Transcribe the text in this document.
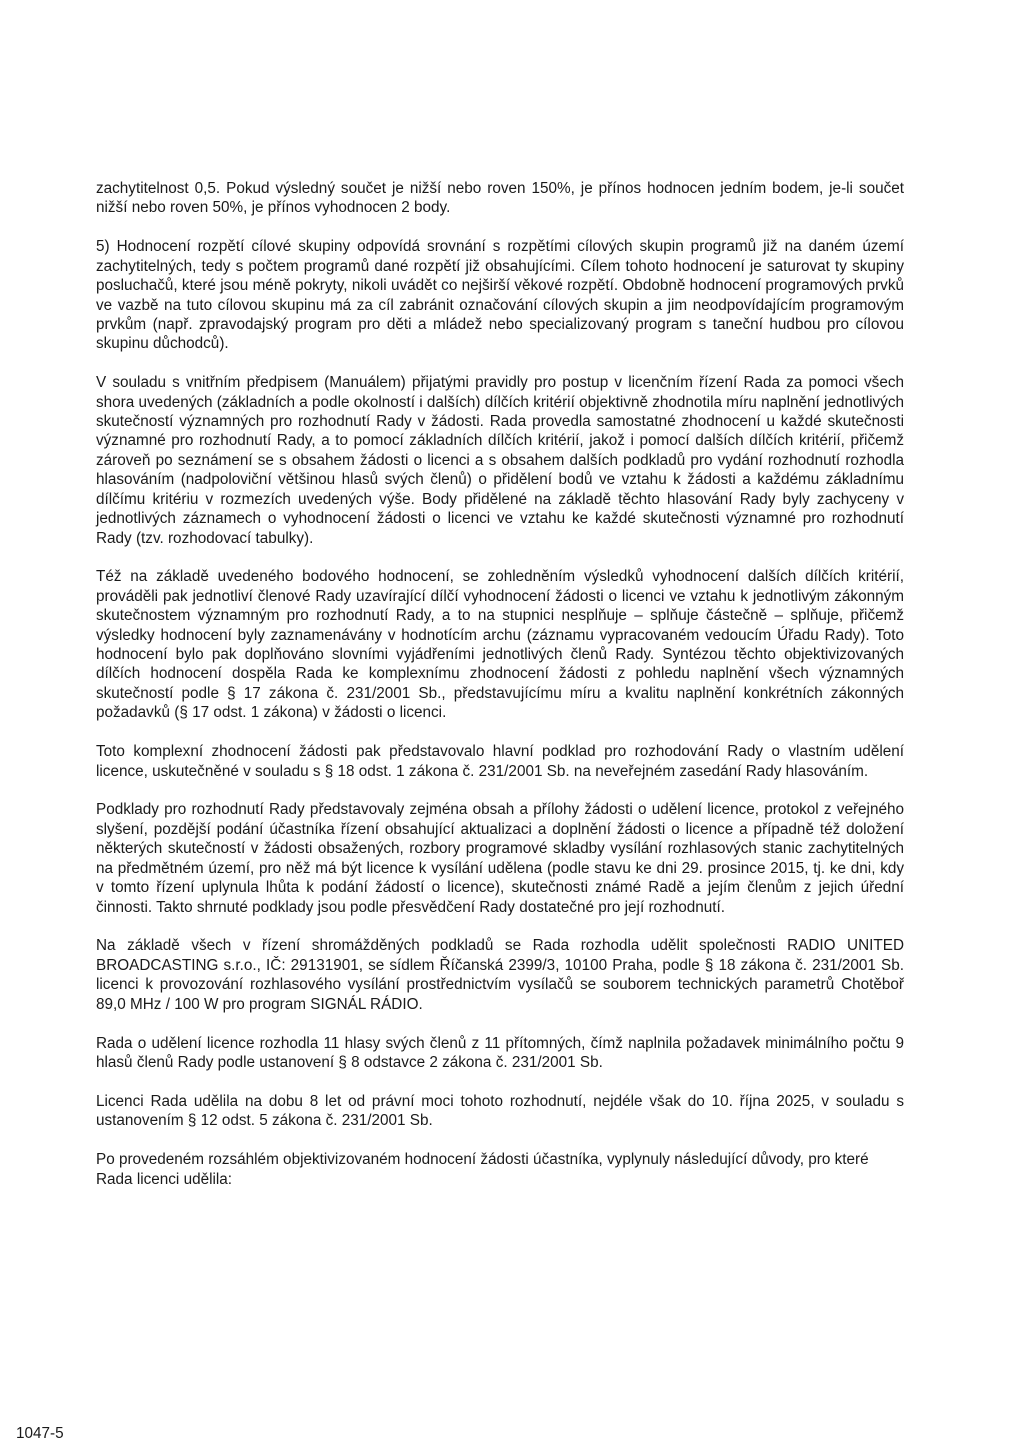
zachytitelnost 0,5. Pokud výsledný součet je nižší nebo roven 150%, je přínos hodnocen jedním bodem, je-li součet nižší nebo roven 50%, je přínos vyhodnocen 2 body.

5) Hodnocení rozpětí cílové skupiny odpovídá srovnání s rozpětími cílových skupin programů již na daném území zachytitelných, tedy s počtem programů dané rozpětí již obsahujícími. Cílem tohoto hodnocení je saturovat ty skupiny posluchačů, které jsou méně pokryty, nikoli uvádět co nejširší věkové rozpětí. Obdobně hodnocení programových prvků ve vazbě na tuto cílovou skupinu má za cíl zabránit označování cílových skupin a jim neodpovídajícím programovým prvkům (např. zpravodajský program pro děti a mládež nebo specializovaný program s taneční hudbou pro cílovou skupinu důchodců).

V souladu s vnitřním předpisem (Manuálem) přijatými pravidly pro postup v licenčním řízení Rada za pomoci všech shora uvedených (základních a podle okolností i dalších) dílčích kritérií objektivně zhodnotila míru naplnění jednotlivých skutečností významných pro rozhodnutí Rady v žádosti. Rada provedla samostatné zhodnocení u každé skutečnosti významné pro rozhodnutí Rady, a to pomocí základních dílčích kritérií, jakož i pomocí dalších dílčích kritérií, přičemž zároveň po seznámení se s obsahem žádosti o licenci a s obsahem dalších podkladů pro vydání rozhodnutí rozhodla hlasováním (nadpoloviční většinou hlasů svých členů) o přidělení bodů ve vztahu k žádosti a každému základnímu dílčímu kritériu v rozmezích uvedených výše. Body přidělené na základě těchto hlasování Rady byly zachyceny v jednotlivých záznamech o vyhodnocení žádosti o licenci ve vztahu ke každé skutečnosti významné pro rozhodnutí Rady (tzv. rozhodovací tabulky).

Též na základě uvedeného bodového hodnocení, se zohledněním výsledků vyhodnocení dalších dílčích kritérií, prováděli pak jednotliví členové Rady uzavírající dílčí vyhodnocení žádosti o licenci ve vztahu k jednotlivým zákonným skutečnostem významným pro rozhodnutí Rady, a to na stupnici nesplňuje – splňuje částečně – splňuje, přičemž výsledky hodnocení byly zaznamenávány v hodnotícím archu (záznamu vypracovaném vedoucím Úřadu Rady). Toto hodnocení bylo pak doplňováno slovními vyjádřeními jednotlivých členů Rady. Syntézou těchto objektivizovaných dílčích hodnocení dospěla Rada ke komplexnímu zhodnocení žádosti z pohledu naplnění všech významných skutečností podle § 17 zákona č. 231/2001 Sb., představujícímu míru a kvalitu naplnění konkrétních zákonných požadavků (§ 17 odst. 1 zákona) v žádosti o licenci.

Toto komplexní zhodnocení žádosti pak představovalo hlavní podklad pro rozhodování Rady o vlastním udělení licence, uskutečněné v souladu s § 18 odst. 1 zákona č. 231/2001 Sb. na neveřejném zasedání Rady hlasováním.

Podklady pro rozhodnutí Rady představovaly zejména obsah a přílohy žádosti o udělení licence, protokol z veřejného slyšení, pozdější podání účastníka řízení obsahující aktualizaci a doplnění žádosti o licence a případně též doložení některých skutečností v žádosti obsažených, rozbory programové skladby vysílání rozhlasových stanic zachytitelných na předmětném území, pro něž má být licence k vysílání udělena (podle stavu ke dni 29. prosince 2015, tj. ke dni, kdy v tomto řízení uplynula lhůta k podání žádostí o licence), skutečnosti známé Radě a jejím členům z jejich úřední činnosti. Takto shrnuté podklady jsou podle přesvědčení Rady dostatečné pro její rozhodnutí.

Na základě všech v řízení shromážděných podkladů se Rada rozhodla udělit společnosti RADIO UNITED BROADCASTING s.r.o., IČ: 29131901, se sídlem Říčanská 2399/3, 10100 Praha, podle § 18 zákona č. 231/2001 Sb. licenci k provozování rozhlasového vysílání prostřednictvím vysílačů se souborem technických parametrů Chotěboř 89,0 MHz / 100 W pro program SIGNÁL RÁDIO.

Rada o udělení licence rozhodla 11 hlasy svých členů z 11 přítomných, čímž naplnila požadavek minimálního počtu 9 hlasů členů Rady podle ustanovení § 8 odstavce 2 zákona č. 231/2001 Sb.

Licenci Rada udělila na dobu 8 let od právní moci tohoto rozhodnutí, nejdéle však do 10. října 2025, v souladu s ustanovením § 12 odst. 5 zákona č. 231/2001 Sb.

Po provedeném rozsáhlém objektivizovaném hodnocení žádosti účastníka, vyplynuly následující důvody, pro které Rada licenci udělila:

1047-5
